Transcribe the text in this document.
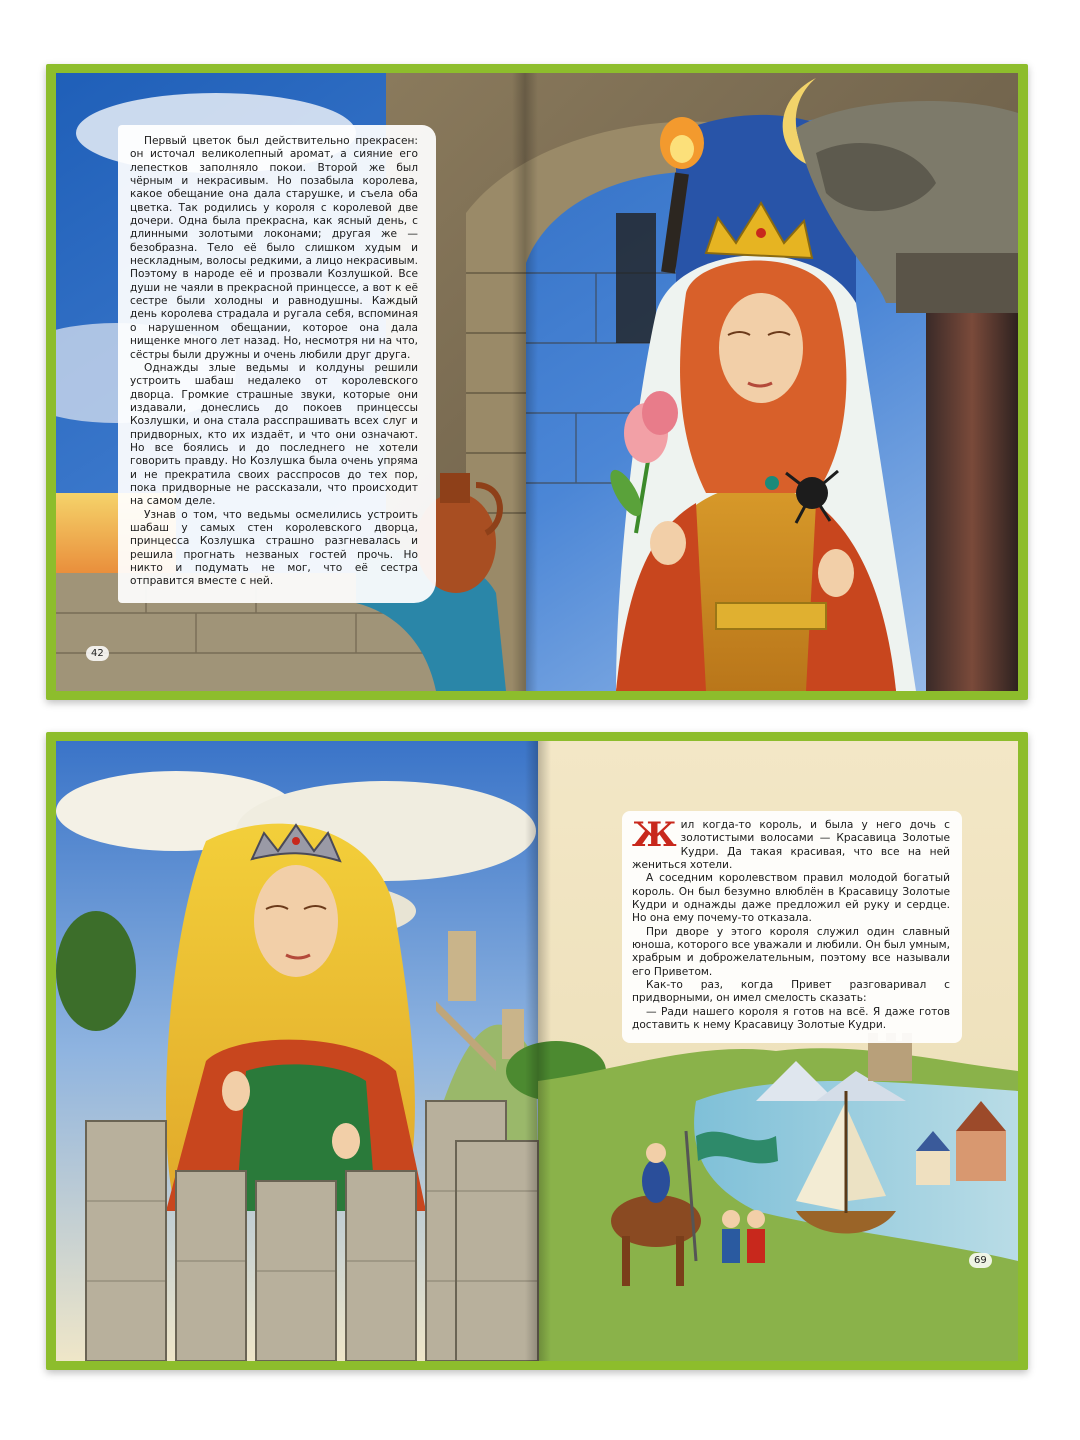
Первый цветок был действительно прекрасен: он источал великолепный аромат, а сияние его лепестков заполняло покои. Второй же был чёрным и некрасивым. Но позабыла королева, какое обещание она дала старушке, и съела оба цветка. Так родились у короля с королевой две дочери. Одна была прекрасна, как ясный день, с длинными золотыми локонами; другая же — безобразна. Тело её было слишком худым и нескладным, волосы редкими, а лицо некрасивым. Поэтому в народе её и прозвали Козлушкой. Все души не чаяли в прекрасной принцессе, а вот к её сестре были холодны и равнодушны. Каждый день королева страдала и ругала себя, вспоминая о нарушенном обещании, которое она дала нищенке много лет назад. Но, несмотря ни на что, сёстры были дружны и очень любили друг друга.

Однажды злые ведьмы и колдуны решили устроить шабаш недалеко от королевского дворца. Громкие страшные звуки, которые они издавали, донеслись до покоев принцессы Козлушки, и она стала расспрашивать всех слуг и придворных, кто их издаёт, и что они означают. Но все боялись и до последнего не хотели говорить правду. Но Козлушка была очень упряма и не прекратила своих расспросов до тех пор, пока придворные не рассказали, что происходит на самом деле.

Узнав о том, что ведьмы осмелились устроить шабаш у самых стен королевского дворца, принцесса Козлушка страшно разгневалась и решила прогнать незваных гостей прочь. Но никто и подумать не мог, что её сестра отправится вместе с ней.

42

Жил когда-то король, и была у него дочь с золотистыми волосами — Красавица Золотые Кудри. Да такая красивая, что все на ней жениться хотели.

А соседним королевством правил молодой богатый король. Он был безумно влюблён в Красавицу Золотые Кудри и однажды даже предложил ей руку и сердце. Но она ему почему-то отказала.

При дворе у этого короля служил один славный юноша, которого все уважали и любили. Он был умным, храбрым и доброжелательным, поэтому все называли его Приветом.

Как-то раз, когда Привет разговаривал с придворными, он имел смелость сказать:

— Ради нашего короля я готов на всё. Я даже готов доставить к нему Красавицу Золотые Кудри.

69
